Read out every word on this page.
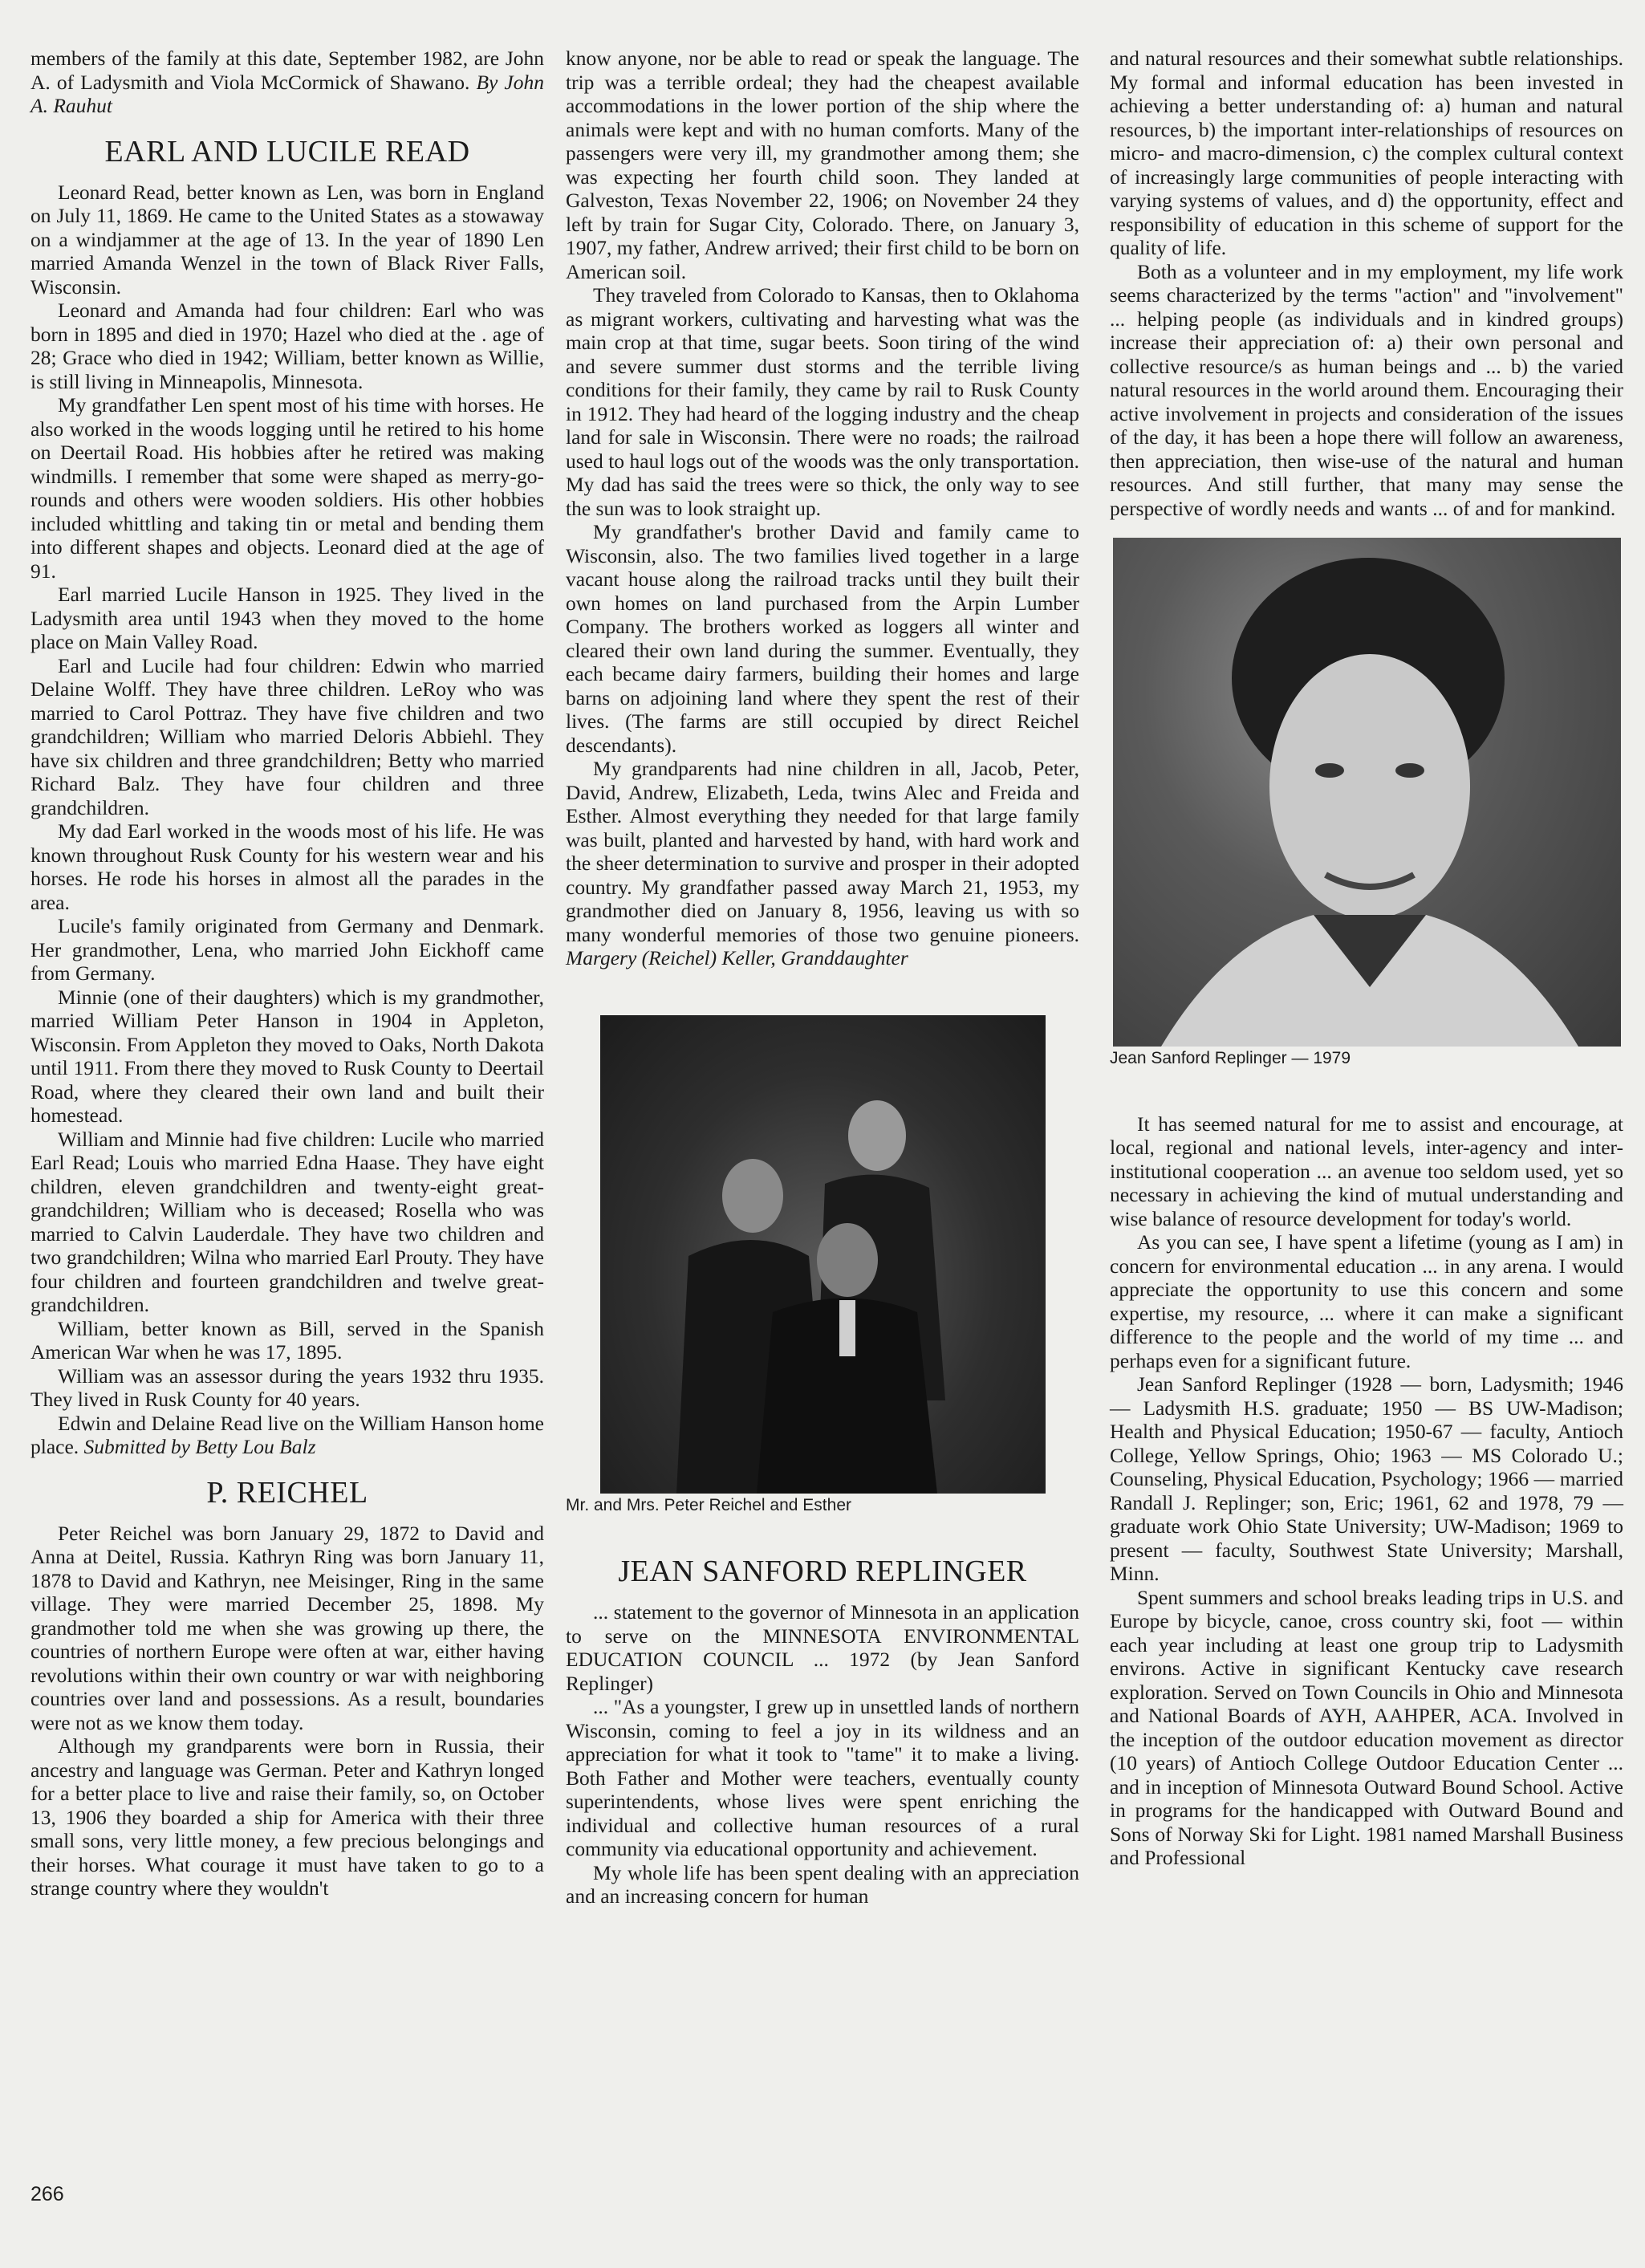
members of the family at this date, September 1982, are John A. of Ladysmith and Viola McCormick of Shawano. By John A. Rauhut

EARL AND LUCILE READ

Leonard Read, better known as Len, was born in England on July 11, 1869. He came to the United States as a stowaway on a windjammer at the age of 13. In the year of 1890 Len married Amanda Wenzel in the town of Black River Falls, Wisconsin.

Leonard and Amanda had four children: Earl who was born in 1895 and died in 1970; Hazel who died at the . age of 28; Grace who died in 1942; William, better known as Willie, is still living in Minneapolis, Minnesota.

My grandfather Len spent most of his time with horses. He also worked in the woods logging until he retired to his home on Deertail Road. His hobbies after he retired was making windmills. I remember that some were shaped as merry-go-rounds and others were wooden soldiers. His other hobbies included whittling and taking tin or metal and bending them into different shapes and objects. Leonard died at the age of 91.

Earl married Lucile Hanson in 1925. They lived in the Ladysmith area until 1943 when they moved to the home place on Main Valley Road.

Earl and Lucile had four children: Edwin who married Delaine Wolff. They have three children. LeRoy who was married to Carol Pottraz. They have five children and two grandchildren; William who married Deloris Abbiehl. They have six children and three grandchildren; Betty who married Richard Balz. They have four children and three grandchildren.

My dad Earl worked in the woods most of his life. He was known throughout Rusk County for his western wear and his horses. He rode his horses in almost all the parades in the area.

Lucile's family originated from Germany and Denmark. Her grandmother, Lena, who married John Eickhoff came from Germany.

Minnie (one of their daughters) which is my grandmother, married William Peter Hanson in 1904 in Appleton, Wisconsin. From Appleton they moved to Oaks, North Dakota until 1911. From there they moved to Rusk County to Deertail Road, where they cleared their own land and built their homestead.

William and Minnie had five children: Lucile who married Earl Read; Louis who married Edna Haase. They have eight children, eleven grandchildren and twenty-eight great-grandchildren; William who is deceased; Rosella who was married to Calvin Lauderdale. They have two children and two grandchildren; Wilna who married Earl Prouty. They have four children and fourteen grandchildren and twelve great-grandchildren.

William, better known as Bill, served in the Spanish American War when he was 17, 1895.

William was an assessor during the years 1932 thru 1935. They lived in Rusk County for 40 years.

Edwin and Delaine Read live on the William Hanson home place. Submitted by Betty Lou Balz

P. REICHEL

Peter Reichel was born January 29, 1872 to David and Anna at Deitel, Russia. Kathryn Ring was born January 11, 1878 to David and Kathryn, nee Meisinger, Ring in the same village. They were married December 25, 1898. My grandmother told me when she was growing up there, the countries of northern Europe were often at war, either having revolutions within their own country or war with neighboring countries over land and possessions. As a result, boundaries were not as we know them today.

Although my grandparents were born in Russia, their ancestry and language was German. Peter and Kathryn longed for a better place to live and raise their family, so, on October 13, 1906 they boarded a ship for America with their three small sons, very little money, a few precious belongings and their horses. What courage it must have taken to go to a strange country where they wouldn't

know anyone, nor be able to read or speak the language. The trip was a terrible ordeal; they had the cheapest available accommodations in the lower portion of the ship where the animals were kept and with no human comforts. Many of the passengers were very ill, my grandmother among them; she was expecting her fourth child soon. They landed at Galveston, Texas November 22, 1906; on November 24 they left by train for Sugar City, Colorado. There, on January 3, 1907, my father, Andrew arrived; their first child to be born on American soil.

They traveled from Colorado to Kansas, then to Oklahoma as migrant workers, cultivating and harvesting what was the main crop at that time, sugar beets. Soon tiring of the wind and severe summer dust storms and the terrible living conditions for their family, they came by rail to Rusk County in 1912. They had heard of the logging industry and the cheap land for sale in Wisconsin. There were no roads; the railroad used to haul logs out of the woods was the only transportation. My dad has said the trees were so thick, the only way to see the sun was to look straight up.

My grandfather's brother David and family came to Wisconsin, also. The two families lived together in a large vacant house along the railroad tracks until they built their own homes on land purchased from the Arpin Lumber Company. The brothers worked as loggers all winter and cleared their own land during the summer. Eventually, they each became dairy farmers, building their homes and large barns on adjoining land where they spent the rest of their lives. (The farms are still occupied by direct Reichel descendants).

My grandparents had nine children in all, Jacob, Peter, David, Andrew, Elizabeth, Leda, twins Alec and Freida and Esther. Almost everything they needed for that large family was built, planted and harvested by hand, with hard work and the sheer determination to survive and prosper in their adopted country. My grandfather passed away March 21, 1953, my grandmother died on January 8, 1956, leaving us with so many wonderful memories of those two genuine pioneers. Margery (Reichel) Keller, Granddaughter

Mr. and Mrs. Peter Reichel and Esther

JEAN SANFORD REPLINGER

... statement to the governor of Minnesota in an application to serve on the MINNESOTA ENVIRONMENTAL EDUCATION COUNCIL ... 1972 (by Jean Sanford Replinger)

... "As a youngster, I grew up in unsettled lands of northern Wisconsin, coming to feel a joy in its wildness and an appreciation for what it took to "tame" it to make a living. Both Father and Mother were teachers, eventually county superintendents, whose lives were spent enriching the individual and collective human resources of a rural community via educational opportunity and achievement.

My whole life has been spent dealing with an appreciation and an increasing concern for human

and natural resources and their somewhat subtle relationships. My formal and informal education has been invested in achieving a better understanding of: a) human and natural resources, b) the important inter-relationships of resources on micro- and macro-dimension, c) the complex cultural context of increasingly large communities of people interacting with varying systems of values, and d) the opportunity, effect and responsibility of education in this scheme of support for the quality of life.

Both as a volunteer and in my employment, my life work seems characterized by the terms "action" and "involvement" ... helping people (as individuals and in kindred groups) increase their appreciation of: a) their own personal and collective resource/s as human beings and ... b) the varied natural resources in the world around them. Encouraging their active involvement in projects and consideration of the issues of the day, it has been a hope there will follow an awareness, then appreciation, then wise-use of the natural and human resources. And still further, that many may sense the perspective of wordly needs and wants ... of and for mankind.

Jean Sanford Replinger — 1979

It has seemed natural for me to assist and encourage, at local, regional and national levels, inter-agency and inter-institutional cooperation ... an avenue too seldom used, yet so necessary in achieving the kind of mutual understanding and wise balance of resource development for today's world.

As you can see, I have spent a lifetime (young as I am) in concern for environmental education ... in any arena. I would appreciate the opportunity to use this concern and some expertise, my resource, ... where it can make a significant difference to the people and the world of my time ... and perhaps even for a significant future.

Jean Sanford Replinger (1928 — born, Ladysmith; 1946 — Ladysmith H.S. graduate; 1950 — BS UW-Madison; Health and Physical Education; 1950-67 — faculty, Antioch College, Yellow Springs, Ohio; 1963 — MS Colorado U.; Counseling, Physical Education, Psychology; 1966 — married Randall J. Replinger; son, Eric; 1961, 62 and 1978, 79 — graduate work Ohio State University; UW-Madison; 1969 to present — faculty, Southwest State University; Marshall, Minn.

Spent summers and school breaks leading trips in U.S. and Europe by bicycle, canoe, cross country ski, foot — within each year including at least one group trip to Ladysmith environs. Active in significant Kentucky cave research exploration. Served on Town Councils in Ohio and Minnesota and National Boards of AYH, AAHPER, ACA. Involved in the inception of the outdoor education movement as director (10 years) of Antioch College Outdoor Education Center ... and in inception of Minnesota Outward Bound School. Active in programs for the handicapped with Outward Bound and Sons of Norway Ski for Light. 1981 named Marshall Business and Professional

266
